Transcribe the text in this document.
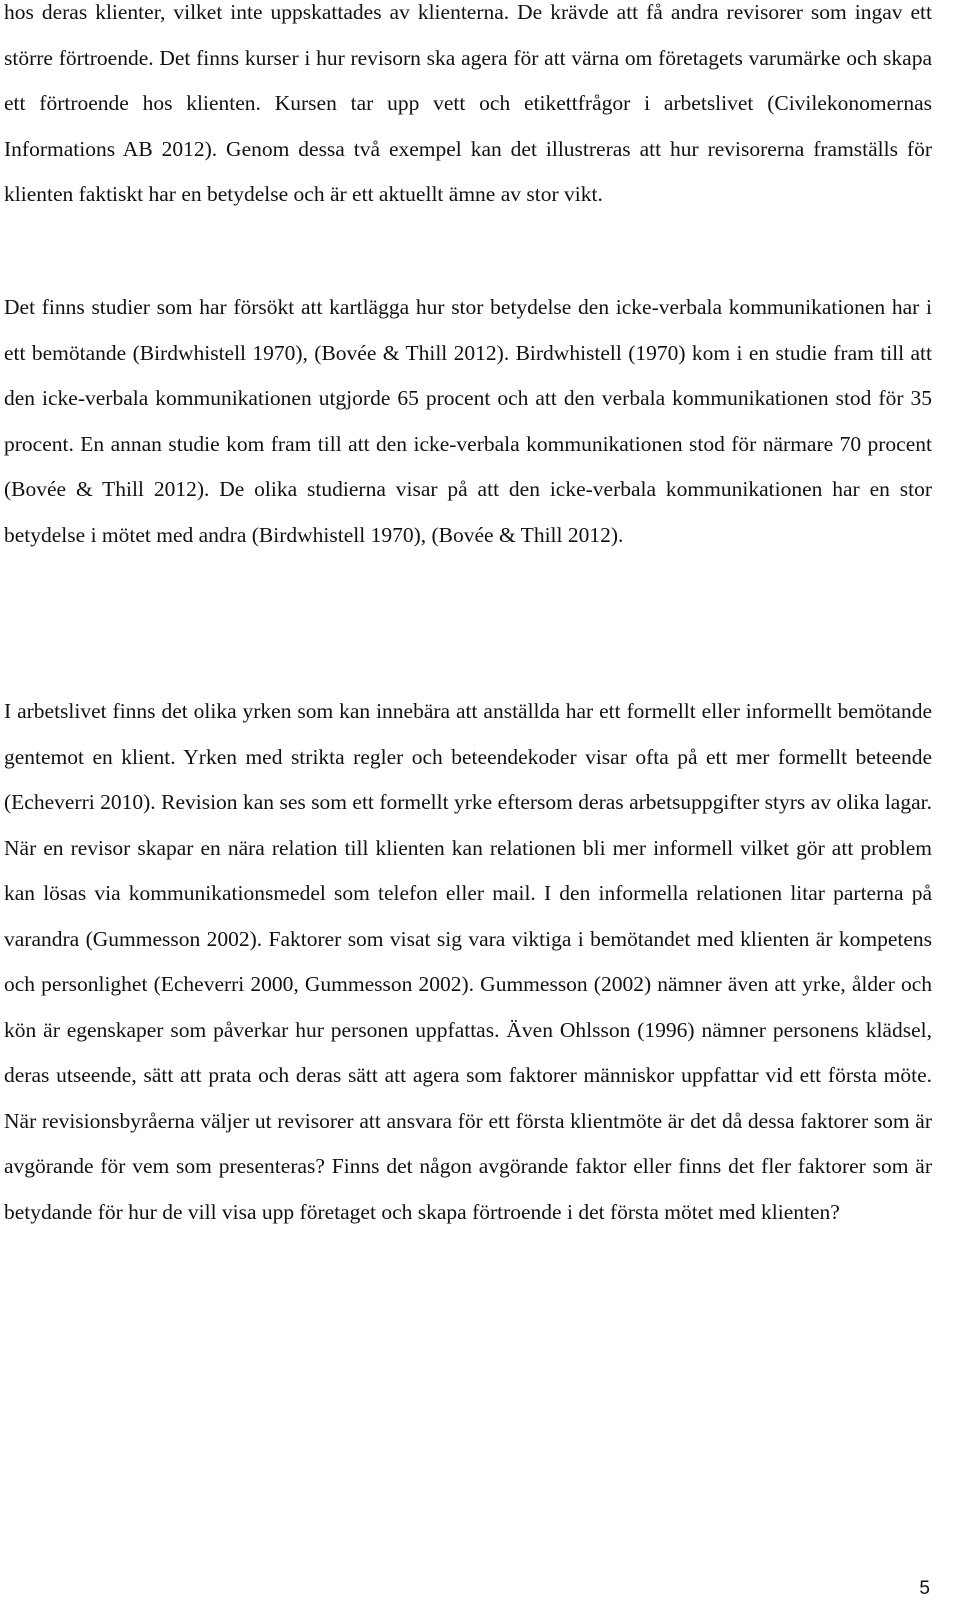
hos deras klienter, vilket inte uppskattades av klienterna. De krävde att få andra revisorer som ingav ett större förtroende. Det finns kurser i hur revisorn ska agera för att värna om företagets varumärke och skapa ett förtroende hos klienten. Kursen tar upp vett och etikettfrågor i arbetslivet (Civilekonomernas Informations AB 2012). Genom dessa två exempel kan det illustreras att hur revisorerna framställs för klienten faktiskt har en betydelse och är ett aktuellt ämne av stor vikt.

Det finns studier som har försökt att kartlägga hur stor betydelse den icke-verbala kommunikationen har i ett bemötande (Birdwhistell 1970), (Bovée & Thill 2012). Birdwhistell (1970) kom i en studie fram till att den icke-verbala kommunikationen utgjorde 65 procent och att den verbala kommunikationen stod för 35 procent. En annan studie kom fram till att den icke-verbala kommunikationen stod för närmare 70 procent (Bovée & Thill 2012). De olika studierna visar på att den icke-verbala kommunikationen har en stor betydelse i mötet med andra (Birdwhistell 1970), (Bovée & Thill 2012).

I arbetslivet finns det olika yrken som kan innebära att anställda har ett formellt eller informellt bemötande gentemot en klient. Yrken med strikta regler och beteendekoder visar ofta på ett mer formellt beteende (Echeverri 2010). Revision kan ses som ett formellt yrke eftersom deras arbetsuppgifter styrs av olika lagar. När en revisor skapar en nära relation till klienten kan relationen bli mer informell vilket gör att problem kan lösas via kommunikationsmedel som telefon eller mail. I den informella relationen litar parterna på varandra (Gummesson 2002). Faktorer som visat sig vara viktiga i bemötandet med klienten är kompetens och personlighet (Echeverri 2000, Gummesson 2002). Gummesson (2002) nämner även att yrke, ålder och kön är egenskaper som påverkar hur personen uppfattas. Även Ohlsson (1996) nämner personens klädsel, deras utseende, sätt att prata och deras sätt att agera som faktorer människor uppfattar vid ett första möte. När revisionsbyråerna väljer ut revisorer att ansvara för ett första klientmöte är det då dessa faktorer som är avgörande för vem som presenteras? Finns det någon avgörande faktor eller finns det fler faktorer som är betydande för hur de vill visa upp företaget och skapa förtroende i det första mötet med klienten?

5
